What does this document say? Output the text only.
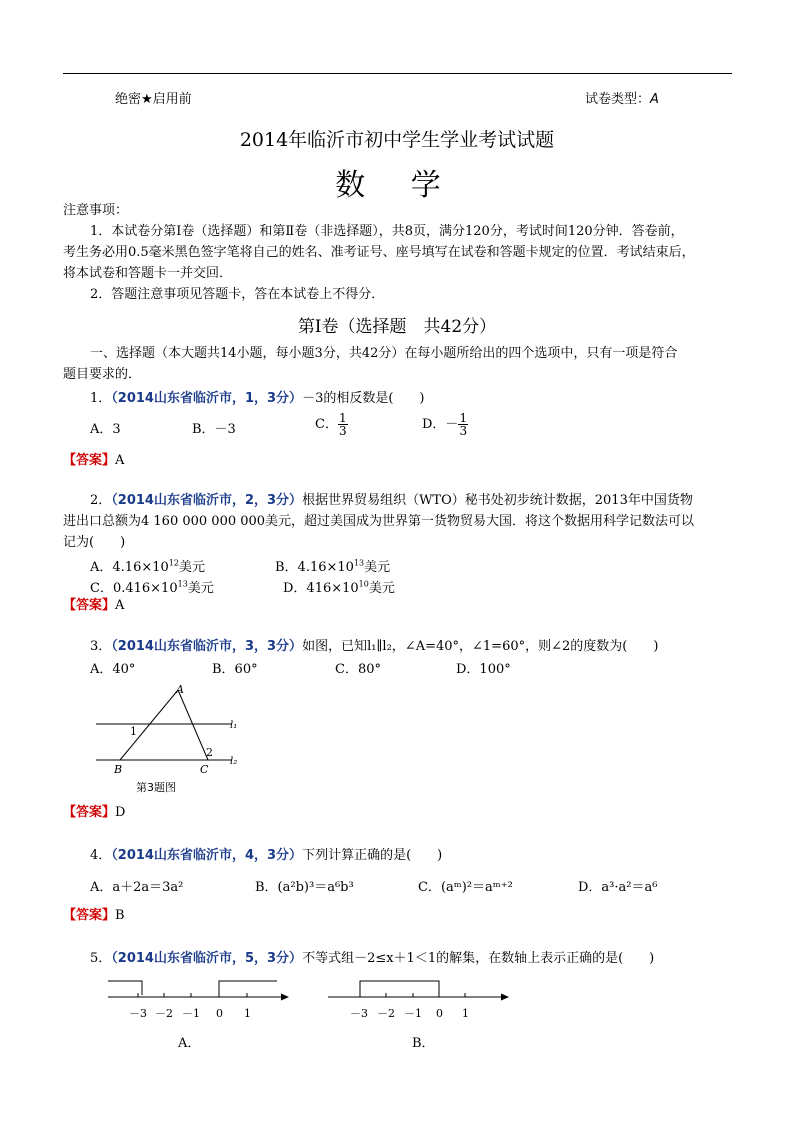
绝密★启用前	试卷类型：A
2014年临沂市初中学生学业考试试题
数 学
注意事项：
1．本试卷分第Ⅰ卷（选择题）和第Ⅱ卷（非选择题），共8页，满分120分，考试时间120分钟．答卷前，
考生务必用0.5毫米黑色签字笔将自己的姓名、准考证号、座号填写在试卷和答题卡规定的位置．考试结束后，
将本试卷和答题卡一并交回．
2．答题注意事项见答题卡，答在本试卷上不得分．
第Ⅰ卷（选择题　共42分）
一、选择题（本大题共14小题，每小题3分，共42分）在每小题所给出的四个选项中，只有一项是符合
题目要求的．
1．（2014山东省临沂市，1，3分）－3的相反数是(　　)
A．3	B．－3	C． $\frac{1}{3}$	D．－ $\frac{1}{3}$
【答案】A
2．（2014山东省临沂市，2，3分）根据世界贸易组织（WTO）秘书处初步统计数据，2013年中国货物
进出口总额为4 160 000 000 000美元，超过美国成为世界第一货物贸易大国．将这个数据用科学记数法可以
记为(　　)
A．$4.16\times 10^{12}$美元	B．$4.16\times 10^{13}$美元
C．$0.416\times 10^{13}$美元	D．$416\times 10^{10}$美元
【答案】A
3．（2014山东省临沂市，3，3分）如图，已知l₁∥l₂，∠A=40°，∠1=60°，则∠2的度数为(　　)
A．40°	B．60°	C．80°	D．100°
A
1
2
B	C
l₁
l₂
第3题图
【答案】D
4．（2014山东省临沂市，4，3分）下列计算正确的是(　　)
A．a＋2a＝3a²	B．(a²b)³＝a⁶b³	C．(aᵐ)²＝aᵐ⁺²	D．a³·a²＝a⁶
【答案】B
5．（2014山东省临沂市，5，3分）不等式组－2≤x＋1＜1的解集，在数轴上表示正确的是(　　)
－3 －2 －1 0 1
A．
－3 －2 －1 0 1
B．
